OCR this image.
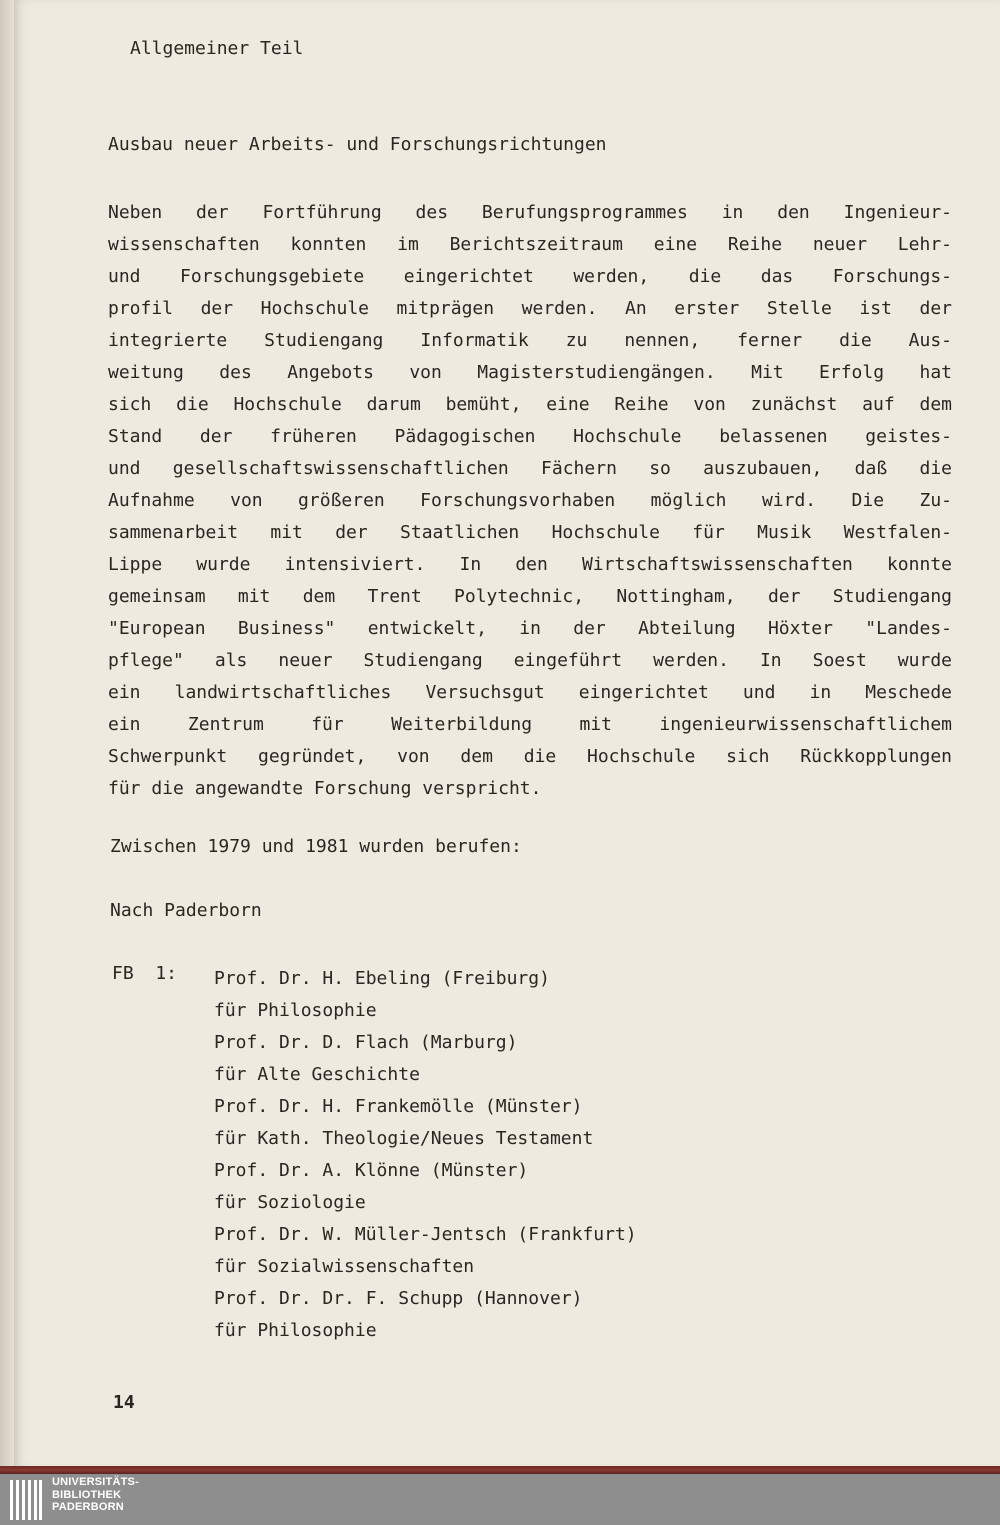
Allgemeiner Teil
Ausbau neuer Arbeits- und Forschungsrichtungen
Neben der Fortführung des Berufungsprogrammes in den Ingenieur-
wissenschaften konnten im Berichtszeitraum eine Reihe neuer Lehr-
und Forschungsgebiete eingerichtet werden, die das Forschungs-
profil der Hochschule mitprägen werden. An erster Stelle ist der
integrierte Studiengang Informatik zu nennen, ferner die Aus-
weitung des Angebots von Magisterstudiengängen. Mit Erfolg hat
sich die Hochschule darum bemüht, eine Reihe von zunächst auf dem
Stand der früheren Pädagogischen Hochschule belassenen geistes-
und gesellschaftswissenschaftlichen Fächern so auszubauen, daß die
Aufnahme von größeren Forschungsvorhaben möglich wird. Die Zu-
sammenarbeit mit der Staatlichen Hochschule für Musik Westfalen-
Lippe wurde intensiviert. In den Wirtschaftswissenschaften konnte
gemeinsam mit dem Trent Polytechnic, Nottingham, der Studiengang
"European Business" entwickelt, in der Abteilung Höxter "Landes-
pflege" als neuer Studiengang eingeführt werden. In Soest wurde
ein landwirtschaftliches Versuchsgut eingerichtet und in Meschede
ein Zentrum für Weiterbildung mit ingenieurwissenschaftlichem
Schwerpunkt gegründet, von dem die Hochschule sich Rückkopplungen
für die angewandte Forschung verspricht.
Zwischen 1979 und 1981 wurden berufen:
Nach Paderborn
FB  1: Prof. Dr. H. Ebeling (Freiburg)
für Philosophie
Prof. Dr. D. Flach (Marburg)
für Alte Geschichte
Prof. Dr. H. Frankemölle (Münster)
für Kath. Theologie/Neues Testament
Prof. Dr. A. Klönne (Münster)
für Soziologie
Prof. Dr. W. Müller-Jentsch (Frankfurt)
für Sozialwissenschaften
Prof. Dr. Dr. F. Schupp (Hannover)
für Philosophie
14
UNIVERSITÄTS-
BIBLIOTHEK
PADERBORN
